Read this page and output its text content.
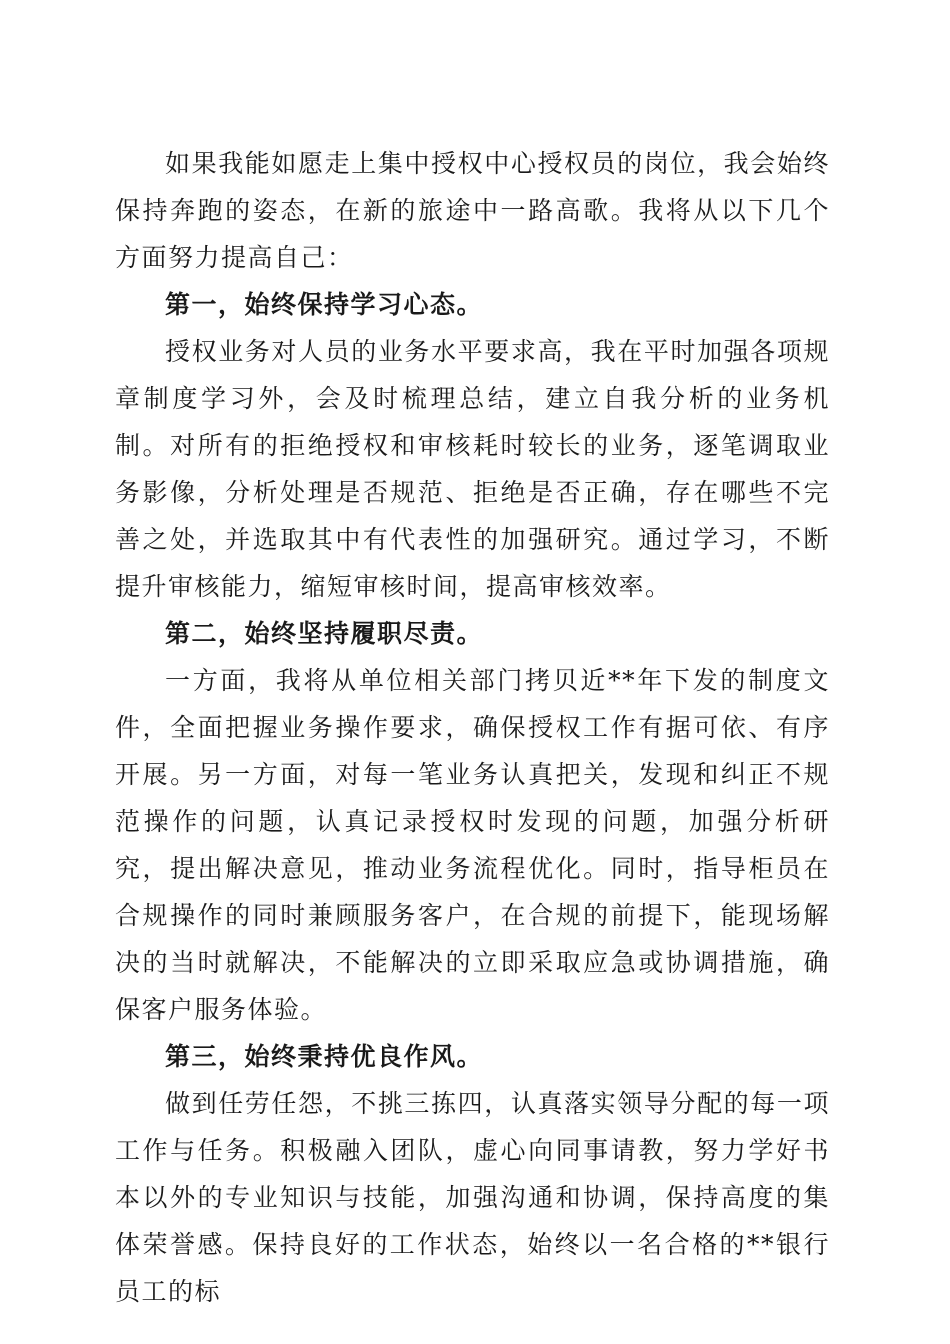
如果我能如愿走上集中授权中心授权员的岗位，我会始终保持奔跑的姿态，在新的旅途中一路高歌。我将从以下几个方面努力提高自己：

第一，始终保持学习心态。

授权业务对人员的业务水平要求高，我在平时加强各项规章制度学习外，会及时梳理总结，建立自我分析的业务机制。对所有的拒绝授权和审核耗时较长的业务，逐笔调取业务影像，分析处理是否规范、拒绝是否正确，存在哪些不完善之处，并选取其中有代表性的加强研究。通过学习，不断提升审核能力，缩短审核时间，提高审核效率。

第二，始终坚持履职尽责。

一方面，我将从单位相关部门拷贝近**年下发的制度文件，全面把握业务操作要求，确保授权工作有据可依、有序开展。另一方面，对每一笔业务认真把关，发现和纠正不规范操作的问题，认真记录授权时发现的问题，加强分析研究，提出解决意见，推动业务流程优化。同时，指导柜员在合规操作的同时兼顾服务客户，在合规的前提下，能现场解决的当时就解决，不能解决的立即采取应急或协调措施，确保客户服务体验。

第三，始终秉持优良作风。

做到任劳任怨，不挑三拣四，认真落实领导分配的每一项工作与任务。积极融入团队，虚心向同事请教，努力学好书本以外的专业知识与技能，加强沟通和协调，保持高度的集体荣誉感。保持良好的工作状态，始终以一名合格的**银行员工的标
